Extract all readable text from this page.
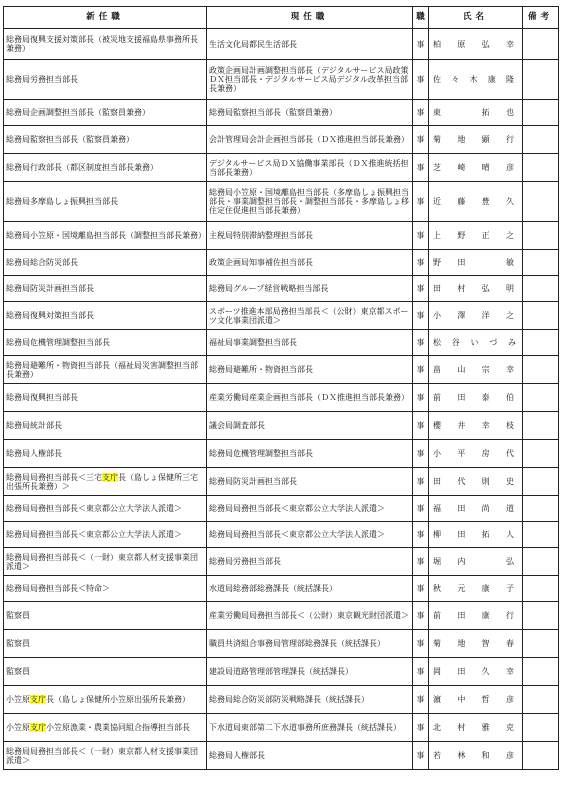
新任職	現任職	職	氏名	備考
総務局復興支援対策部長（被災地支援福島県事務所長兼務）	生活文化局都民生活部長	事	柏原弘幸	
総務局労務担当部長	政策企画局計画調整担当部長（デジタルサービス局政策ＤＸ担当部長・デジタルサービス局デジタル改革担当部長兼務）	事	佐々木康隆	
総務局企画調整担当部長（監察員兼務）	総務局監察担当部長（監察員兼務）	事	東　拓也	
総務局監察担当部長（監察員兼務）	会計管理局会計企画担当部長（ＤＸ推進担当部長兼務）	事	菊地顕行	
総務局行政部長（都区制度担当部長兼務）	デジタルサービス局ＤＸ協働事業部長（ＤＸ推進統括担当部長兼務）	事	芝崎晴彦	
総務局多摩島しょ振興担当部長	総務局小笠原・国境離島担当部長（多摩島しょ振興担当部長・事業調整担当部長・調整担当部長・多摩島しょ移住定住促進担当部長兼務）	事	近藤豊久	
総務局小笠原・国境離島担当部長（調整担当部長兼務）	主税局特別滞納整理担当部長	事	上野正之	
総務局総合防災部長	政策企画局知事補佐担当部長	事	野田　敏	
総務局防災計画担当部長	総務局グループ経営戦略担当部長	事	田村弘明	
総務局復興対策担当部長	スポーツ推進本部局務担当部長＜（公財）東京都スポーツ文化事業団派遣＞	事	小澤洋之	
総務局危機管理調整担当部長	福祉局事業調整担当部長	事	松谷いづみ	
総務局避難所・物資担当部長（福祉局災害調整担当部長兼務）	総務局避難所・物資担当部長	事	畠山宗幸	
総務局復興担当部長	産業労働局産業企画担当部長（ＤＸ推進担当部長兼務）	事	前田泰伯	
総務局統計部長	議会局調査部長	事	櫻井幸枝	
総務局人権部長	総務局危機管理調整担当部長	事	小平房代	
総務局局務担当部長＜三宅支庁長（島しょ保健所三宅出張所長兼務）＞	総務局防災計画担当部長	事	田代則史	
総務局局務担当部長＜東京都公立大学法人派遣＞	総務局局務担当部長＜東京都公立大学法人派遣＞	事	福田尚道	
総務局局務担当部長＜東京都公立大学法人派遣＞	総務局局務担当部長＜東京都公立大学法人派遣＞	事	柳田拓人	
総務局局務担当部長＜（一財）東京都人材支援事業団派遣＞	総務局労務担当部長	事	堀内　弘	
総務局局務担当部長＜特命＞	水道局総務部総務課長（統括課長）	事	秋元康子	
監察員	産業労働局局務担当部長＜（公財）東京観光財団派遣＞	事	前田康行	
監察員	職員共済組合事務局管理部総務課長（統括課長）	事	菊地智春	
監察員	建設局道路管理部管理課長（統括課長）	事	岡田久幸	
小笠原支庁長（島しょ保健所小笠原出張所長兼務）	総務局総合防災部防災戦略課長（統括課長）	事	濵中哲彦	
小笠原支庁小笠原漁業・農業協同組合指導担当部長	下水道局東部第二下水道事務所庶務課長（統括課長）	事	北村雅克	
総務局局務担当部長＜（一財）東京都人材支援事業団派遣＞	総務局人権部長	事	若林和彦	
